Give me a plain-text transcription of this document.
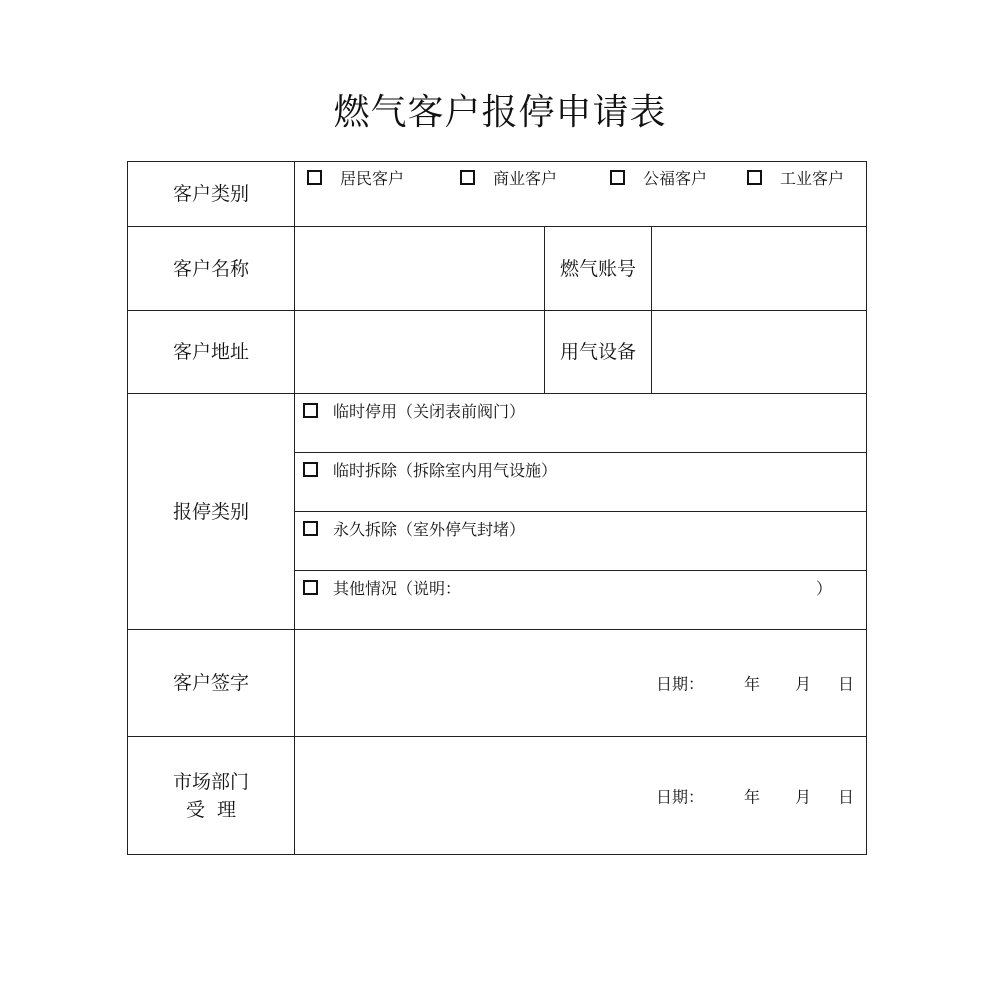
燃气客户报停申请表
客户类别	居民客户 商业客户 公福客户 工业客户		

客户名称		燃气账号	
客户地址		用气设备	
报停类别	临时停用（关闭表前阀门）		

	临时拆除（拆除室内用气设施）		

	永久拆除（室外停气封堵）		

	其他情况（说明： ）		

客户签字	日期： 年 月 日		

市场部门
受  理	日期： 年 月 日		
